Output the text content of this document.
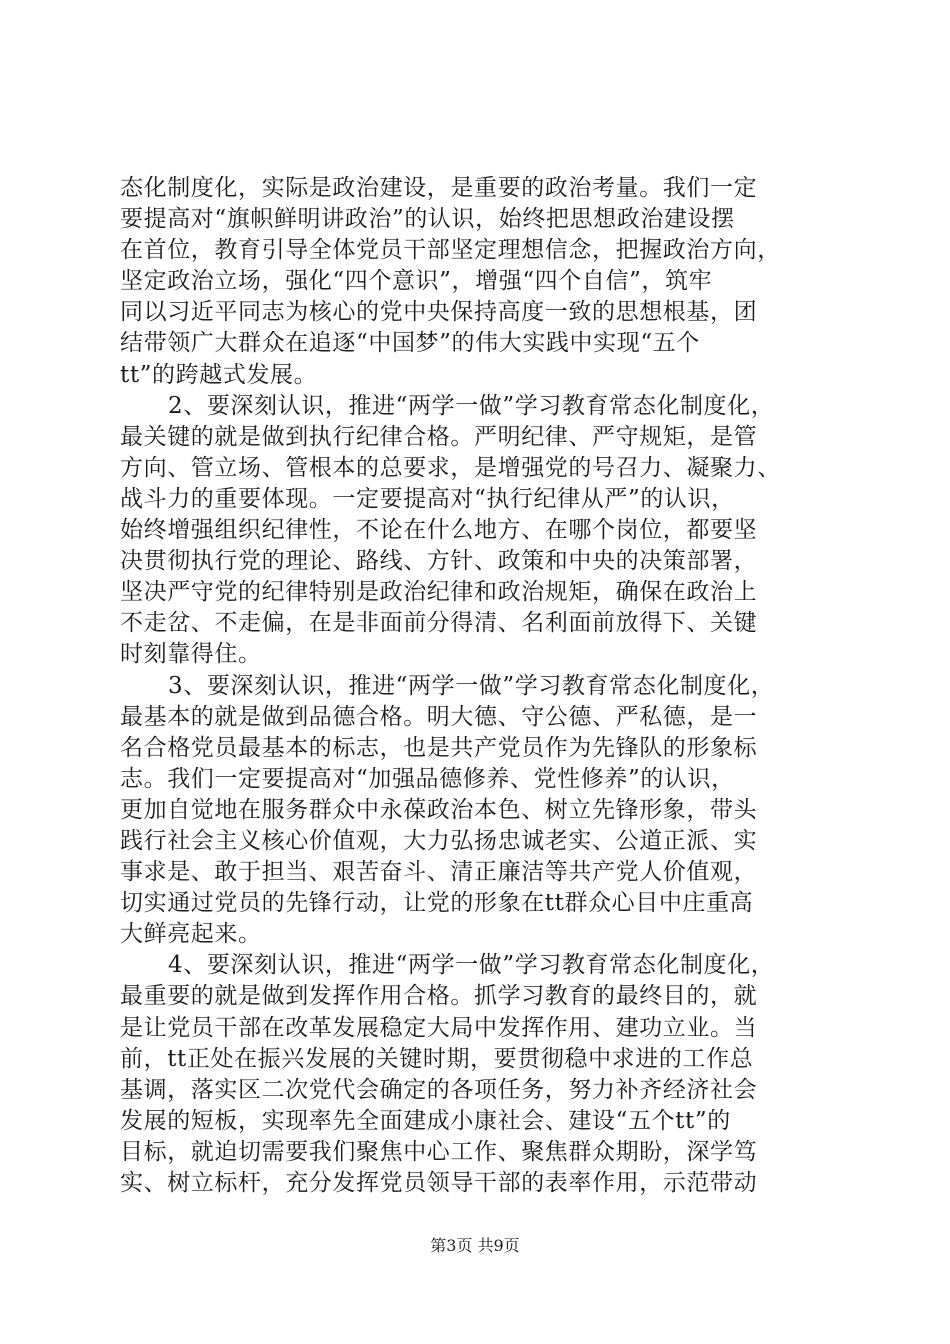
态化制度化，实际是政治建设，是重要的政治考量。我们一定
要提高对“旗帜鲜明讲政治”的认识，始终把思想政治建设摆
在首位，教育引导全体党员干部坚定理想信念，把握政治方向，
坚定政治立场，强化“四个意识”，增强“四个自信”，筑牢
同以习近平同志为核心的党中央保持高度一致的思想根基，团
结带领广大群众在追逐“中国梦”的伟大实践中实现“五个
tt”的跨越式发展。
2、要深刻认识，推进“两学一做”学习教育常态化制度化，
最关键的就是做到执行纪律合格。严明纪律、严守规矩，是管
方向、管立场、管根本的总要求，是增强党的号召力、凝聚力、
战斗力的重要体现。一定要提高对“执行纪律从严”的认识，
始终增强组织纪律性，不论在什么地方、在哪个岗位，都要坚
决贯彻执行党的理论、路线、方针、政策和中央的决策部署，
坚决严守党的纪律特别是政治纪律和政治规矩，确保在政治上
不走岔、不走偏，在是非面前分得清、名利面前放得下、关键
时刻靠得住。
3、要深刻认识，推进“两学一做”学习教育常态化制度化，
最基本的就是做到品德合格。明大德、守公德、严私德，是一
名合格党员最基本的标志，也是共产党员作为先锋队的形象标
志。我们一定要提高对“加强品德修养、党性修养”的认识，
更加自觉地在服务群众中永葆政治本色、树立先锋形象，带头
践行社会主义核心价值观，大力弘扬忠诚老实、公道正派、实
事求是、敢于担当、艰苦奋斗、清正廉洁等共产党人价值观，
切实通过党员的先锋行动，让党的形象在tt群众心目中庄重高
大鲜亮起来。
4、要深刻认识，推进“两学一做”学习教育常态化制度化，
最重要的就是做到发挥作用合格。抓学习教育的最终目的，就
是让党员干部在改革发展稳定大局中发挥作用、建功立业。当
前，tt正处在振兴发展的关键时期，要贯彻稳中求进的工作总
基调，落实区二次党代会确定的各项任务，努力补齐经济社会
发展的短板，实现率先全面建成小康社会、建设“五个tt”的
目标，就迫切需要我们聚焦中心工作、聚焦群众期盼，深学笃
实、树立标杆，充分发挥党员领导干部的表率作用，示范带动
第3页 共9页
